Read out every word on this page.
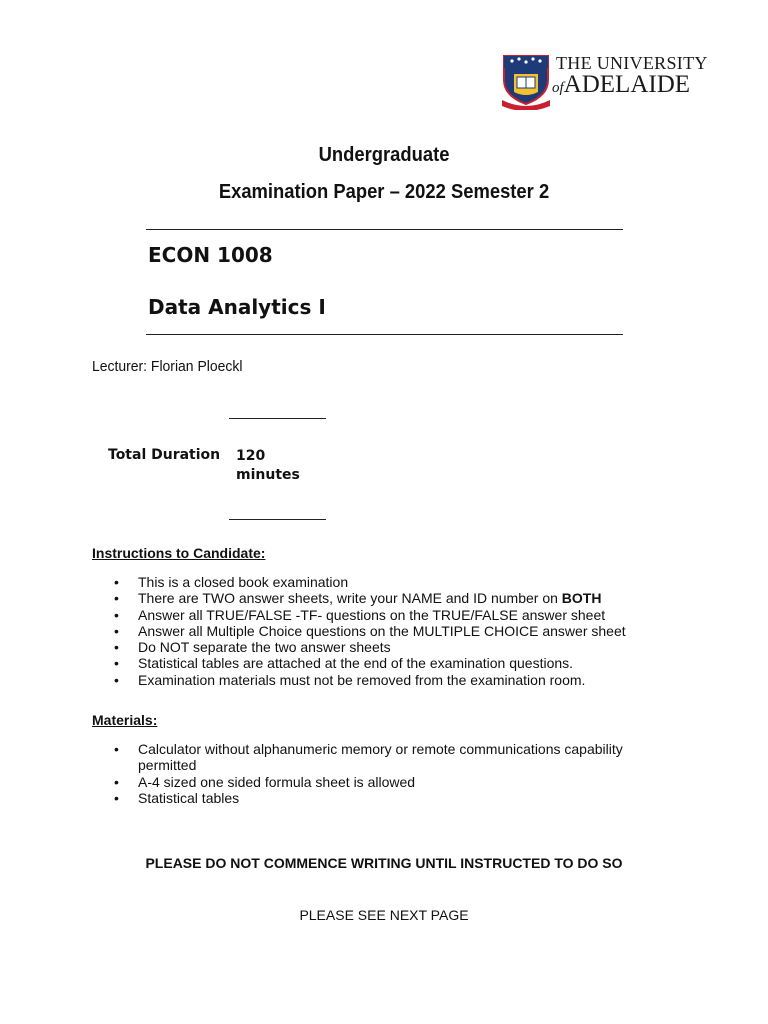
THE UNIVERSITY
ofADELAIDE
Undergraduate
Examination Paper – 2022 Semester 2
ECON 1008
Data Analytics I
Lecturer: Florian Ploeckl
Total Duration 120
minutes
Instructions to Candidate:
• This is a closed book examination
• There are TWO answer sheets, write your NAME and ID number on BOTH
• Answer all TRUE/FALSE -TF- questions on the TRUE/FALSE answer sheet
• Answer all Multiple Choice questions on the MULTIPLE CHOICE answer sheet
• Do NOT separate the two answer sheets
• Statistical tables are attached at the end of the examination questions.
• Examination materials must not be removed from the examination room.
Materials:
• Calculator without alphanumeric memory or remote communications capability permitted
• A-4 sized one sided formula sheet is allowed
• Statistical tables
PLEASE DO NOT COMMENCE WRITING UNTIL INSTRUCTED TO DO SO
PLEASE SEE NEXT PAGE
